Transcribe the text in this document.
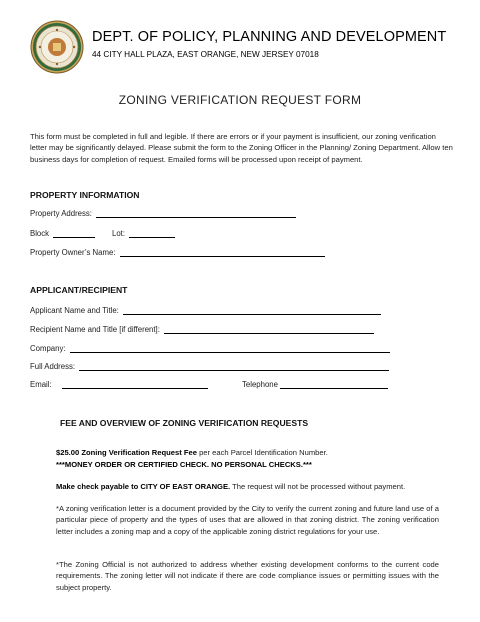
DEPT. OF POLICY, PLANNING AND DEVELOPMENT
44 CITY HALL PLAZA, EAST ORANGE, NEW JERSEY 07018
ZONING VERIFICATION REQUEST FORM
This form must be completed in full and legible. If there are errors or if your payment is insufficient, our zoning verification letter may be significantly delayed. Please submit the form to the Zoning Officer in the Planning/ Zoning Department. Allow ten business days for completion of request. Emailed forms will be processed upon receipt of payment.
PROPERTY INFORMATION
Property Address:
Block	Lot:
Property Owner’s Name:
APPLICANT/RECIPIENT
Applicant Name and Title:
Recipient Name and Title [if different]:
Company:
Full Address:
Email:	Telephone
FEE AND OVERVIEW OF ZONING VERIFICATION REQUESTS
$25.00 Zoning Verification Request Fee per each Parcel Identification Number.
***MONEY ORDER OR CERTIFIED CHECK. NO PERSONAL CHECKS.***
Make check payable to CITY OF EAST ORANGE. The request will not be processed without payment.
*A zoning verification letter is a document provided by the City to verify the current zoning and future land use of a particular piece of property and the types of uses that are allowed in that zoning district. The zoning verification letter includes a zoning map and a copy of the applicable zoning district regulations for your use.
*The Zoning Official is not authorized to address whether existing development conforms to the current code requirements. The zoning letter will not indicate if there are code compliance issues or permitting issues with the subject property.
